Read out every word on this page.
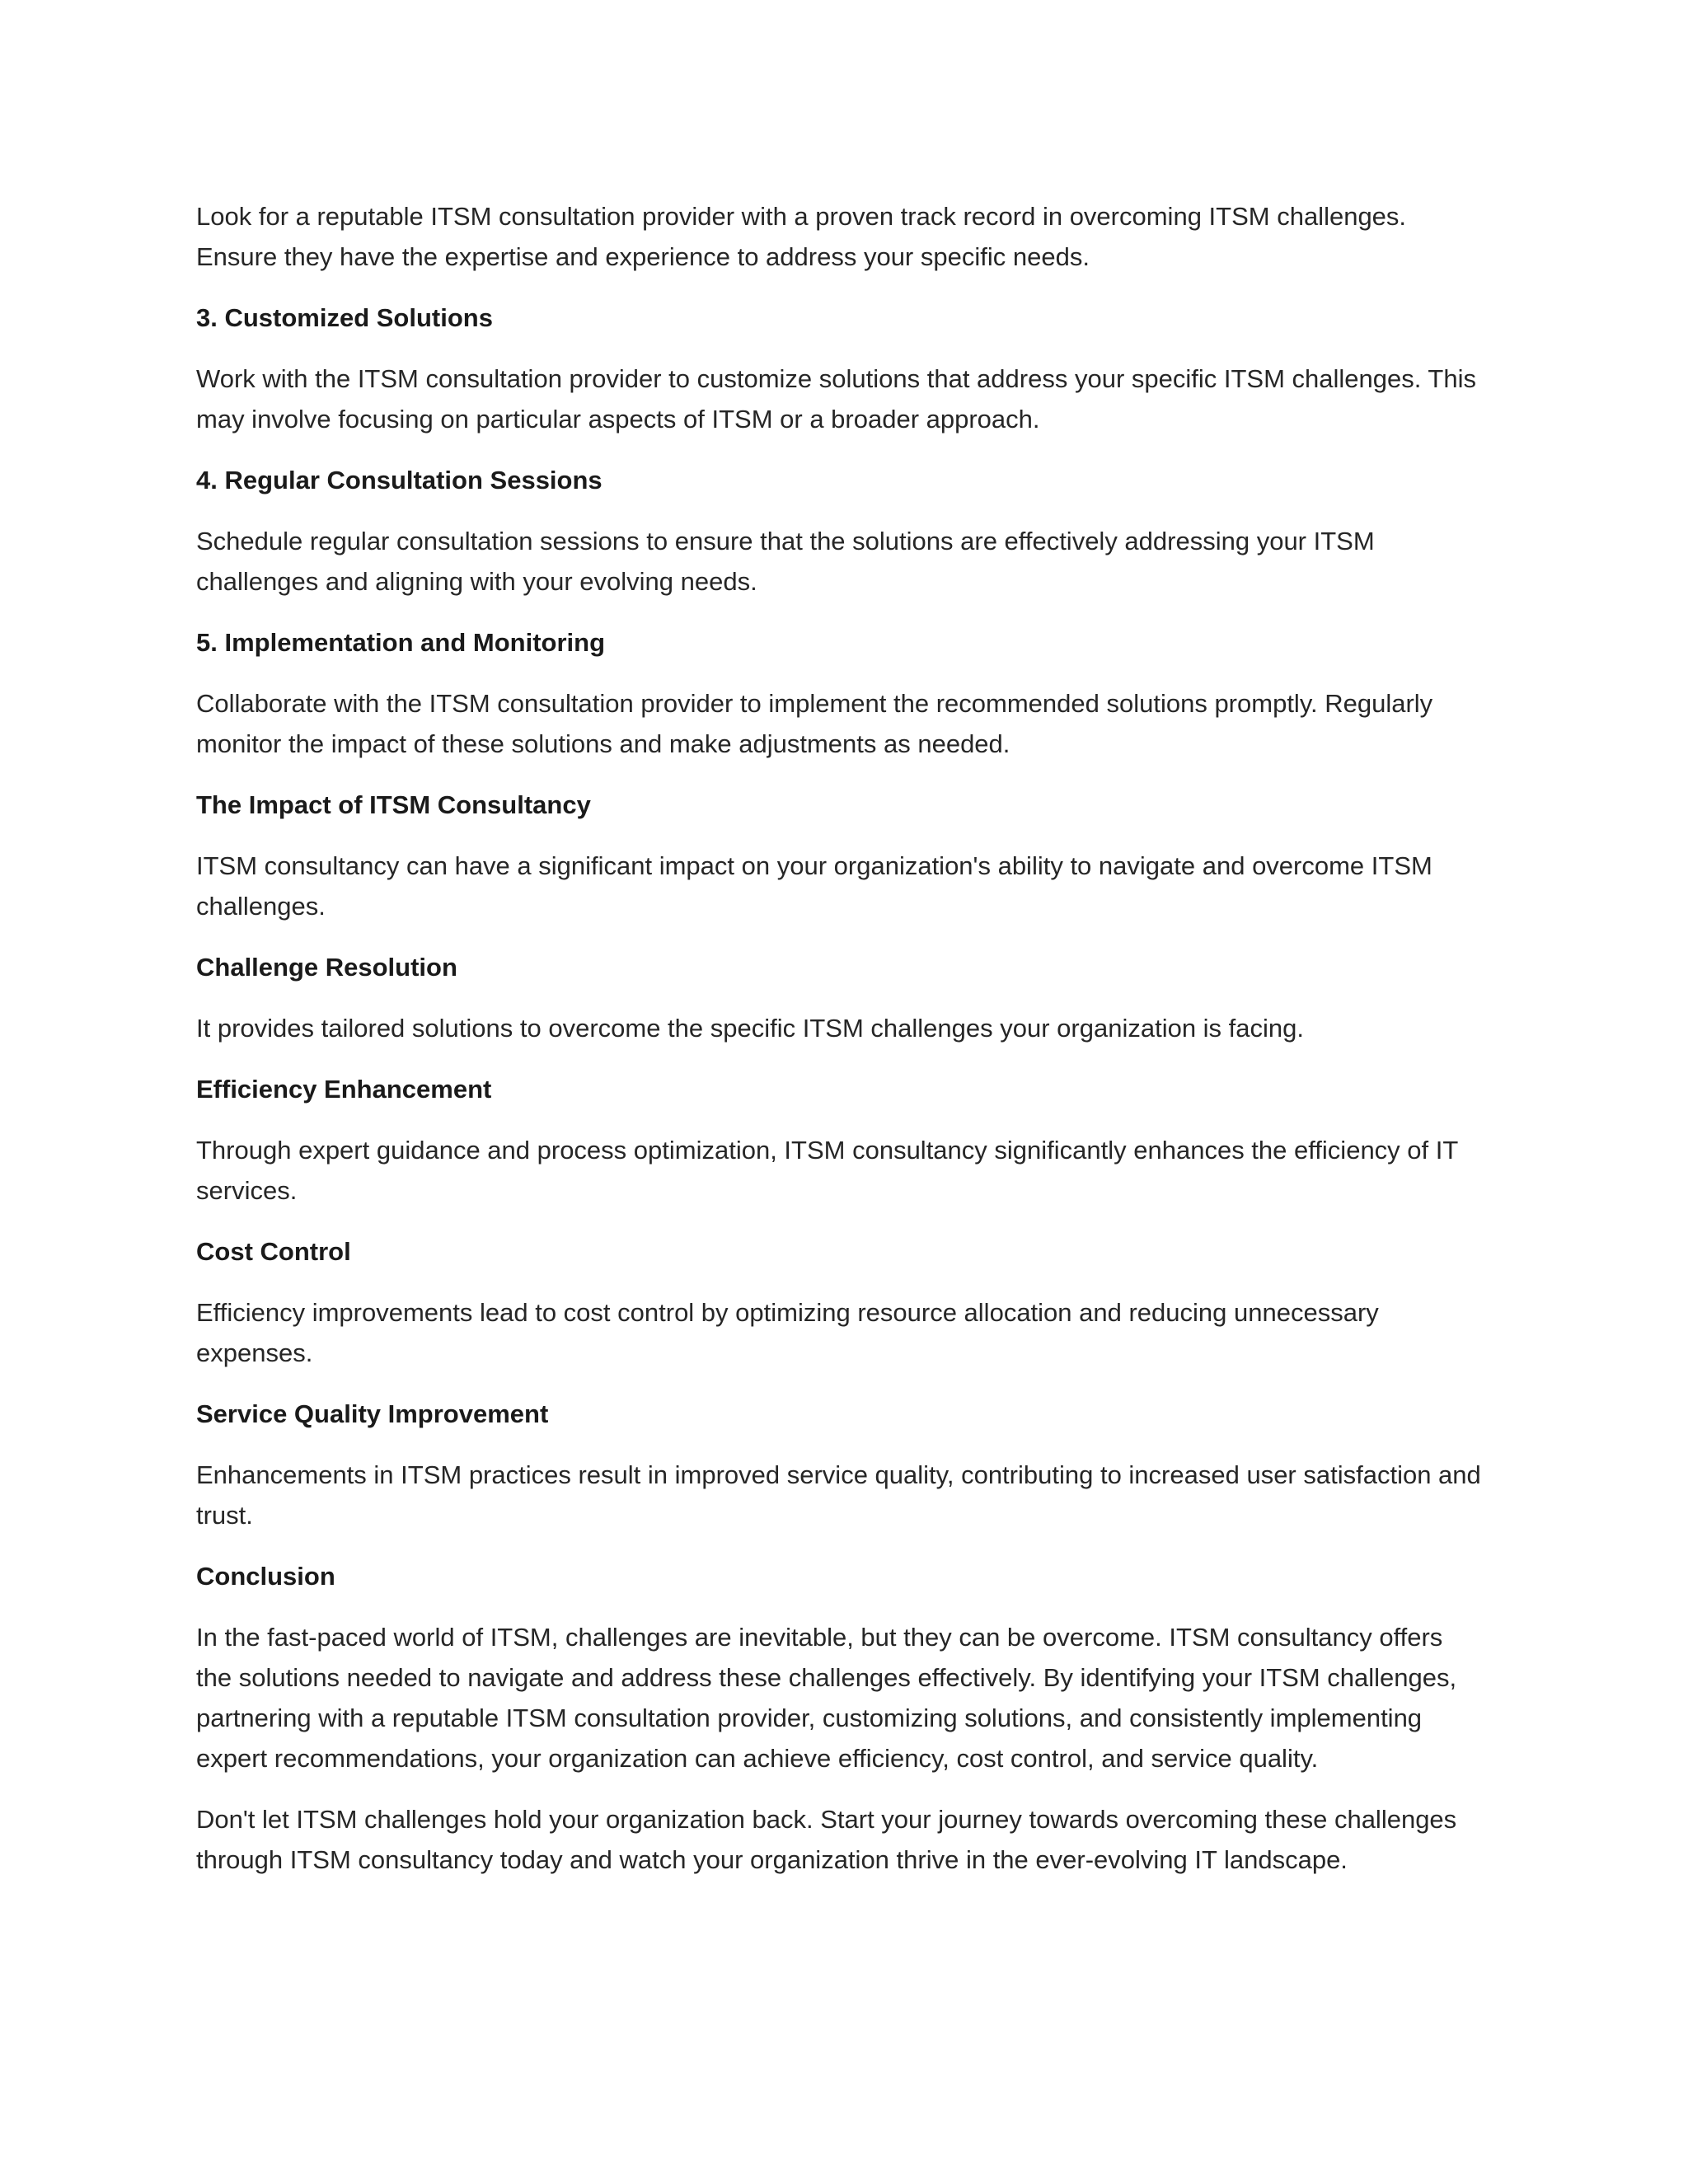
Look for a reputable ITSM consultation provider with a proven track record in overcoming ITSM challenges. Ensure they have the expertise and experience to address your specific needs.

3. Customized Solutions

Work with the ITSM consultation provider to customize solutions that address your specific ITSM challenges. This may involve focusing on particular aspects of ITSM or a broader approach.

4. Regular Consultation Sessions

Schedule regular consultation sessions to ensure that the solutions are effectively addressing your ITSM challenges and aligning with your evolving needs.

5. Implementation and Monitoring

Collaborate with the ITSM consultation provider to implement the recommended solutions promptly. Regularly monitor the impact of these solutions and make adjustments as needed.

The Impact of ITSM Consultancy

ITSM consultancy can have a significant impact on your organization's ability to navigate and overcome ITSM challenges.

Challenge Resolution

It provides tailored solutions to overcome the specific ITSM challenges your organization is facing.

Efficiency Enhancement

Through expert guidance and process optimization, ITSM consultancy significantly enhances the efficiency of IT services.

Cost Control

Efficiency improvements lead to cost control by optimizing resource allocation and reducing unnecessary expenses.

Service Quality Improvement

Enhancements in ITSM practices result in improved service quality, contributing to increased user satisfaction and trust.

Conclusion

In the fast-paced world of ITSM, challenges are inevitable, but they can be overcome. ITSM consultancy offers the solutions needed to navigate and address these challenges effectively. By identifying your ITSM challenges, partnering with a reputable ITSM consultation provider, customizing solutions, and consistently implementing expert recommendations, your organization can achieve efficiency, cost control, and service quality.

Don't let ITSM challenges hold your organization back. Start your journey towards overcoming these challenges through ITSM consultancy today and watch your organization thrive in the ever-evolving IT landscape.
